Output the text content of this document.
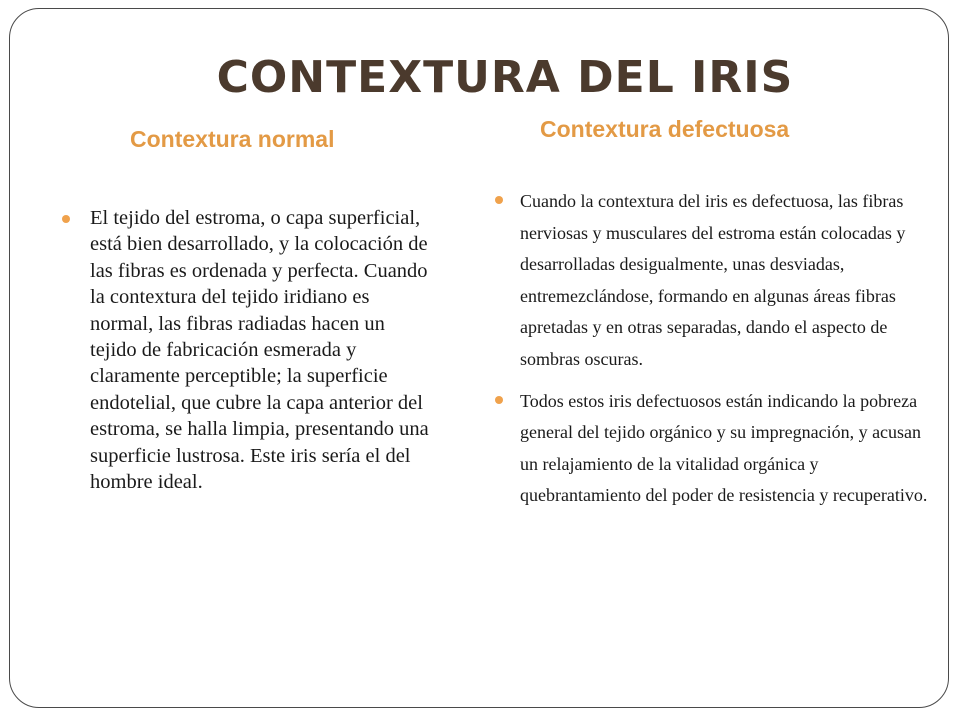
CONTEXTURA DEL IRIS
Contextura normal	Contextura defectuosa
El tejido del estroma, o capa superficial, está bien desarrollado, y la colocación de las fibras es ordenada y perfecta. Cuando la contextura del tejido iridiano es normal, las fibras radiadas hacen un tejido de fabricación esmerada y claramente perceptible; la superficie endotelial, que cubre la capa anterior del estroma, se halla limpia, presentando una superficie lustrosa. Este iris sería el del hombre ideal.
Cuando la contextura del iris es defectuosa, las fibras nerviosas y musculares del estroma están colocadas y desarrolladas desigualmente, unas desviadas, entremezclándose, formando en algunas áreas fibras apretadas y en otras separadas, dando el aspecto de sombras oscuras.
Todos estos iris defectuosos están indicando la pobreza general del tejido orgánico y su impregnación, y acusan un relajamiento de la vitalidad orgánica y quebrantamiento del poder de resistencia y recuperativo.
